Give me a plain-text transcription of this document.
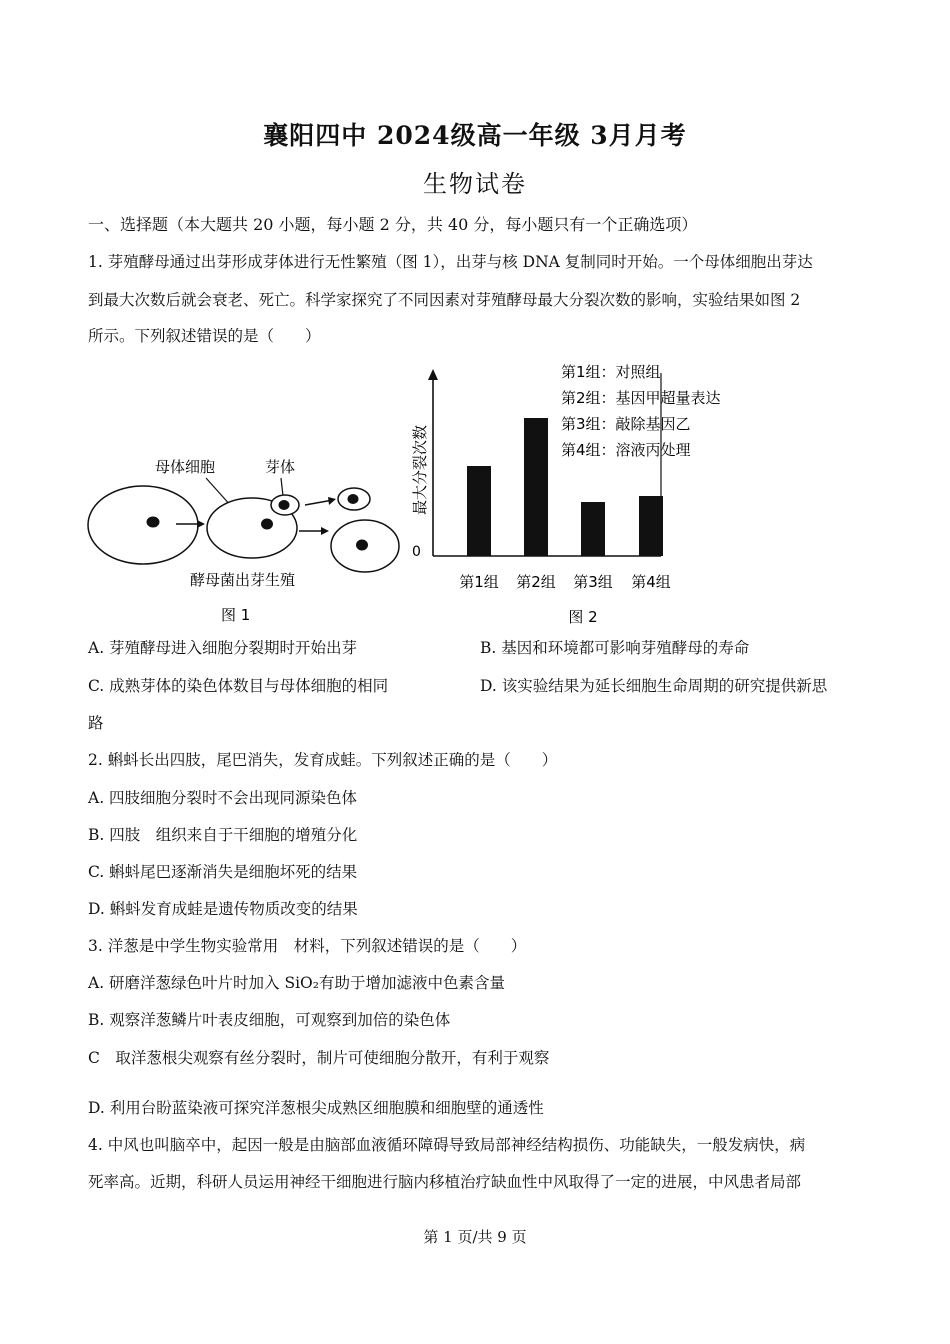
襄阳四中 2024级高一年级 3月月考
生物试卷
一、选择题（本大题共 20 小题，每小题 2 分，共 40 分，每小题只有一个正确选项）
1. 芽殖酵母通过出芽形成芽体进行无性繁殖（图 1），出芽与核 DNA 复制同时开始。一个母体细胞出芽达
到最大次数后就会衰老、死亡。科学家探究了不同因素对芽殖酵母最大分裂次数的影响，实验结果如图 2
所示。下列叙述错误的是（　　）
母体细胞	芽体
酵母菌出芽生殖
图 1
第1组：对照组
第2组：基因甲超量表达
第3组：敲除基因乙
第4组：溶液丙处理
最大分裂次数
0
第1组 第2组 第3组 第4组
图 2
A. 芽殖酵母进入细胞分裂期时开始出芽	B. 基因和环境都可影响芽殖酵母的寿命
C. 成熟芽体的染色体数目与母体细胞的相同	D. 该实验结果为延长细胞生命周期的研究提供新思
路
2. 蝌蚪长出四肢，尾巴消失，发育成蛙。下列叙述正确的是（　　）
A. 四肢细胞分裂时不会出现同源染色体
B. 四肢　组织来自于干细胞的增殖分化
C. 蝌蚪尾巴逐渐消失是细胞坏死的结果
D. 蝌蚪发育成蛙是遗传物质改变的结果
3. 洋葱是中学生物实验常用　材料，下列叙述错误的是（　　）
A. 研磨洋葱绿色叶片时加入 SiO₂有助于增加滤液中色素含量
B. 观察洋葱鳞片叶表皮细胞，可观察到加倍的染色体
C　取洋葱根尖观察有丝分裂时，制片可使细胞分散开，有利于观察
D. 利用台盼蓝染液可探究洋葱根尖成熟区细胞膜和细胞壁的通透性
4. 中风也叫脑卒中，起因一般是由脑部血液循环障碍导致局部神经结构损伤、功能缺失，一般发病快，病
死率高。近期，科研人员运用神经干细胞进行脑内移植治疗缺血性中风取得了一定的进展，中风患者局部
第 1 页/共 9 页
